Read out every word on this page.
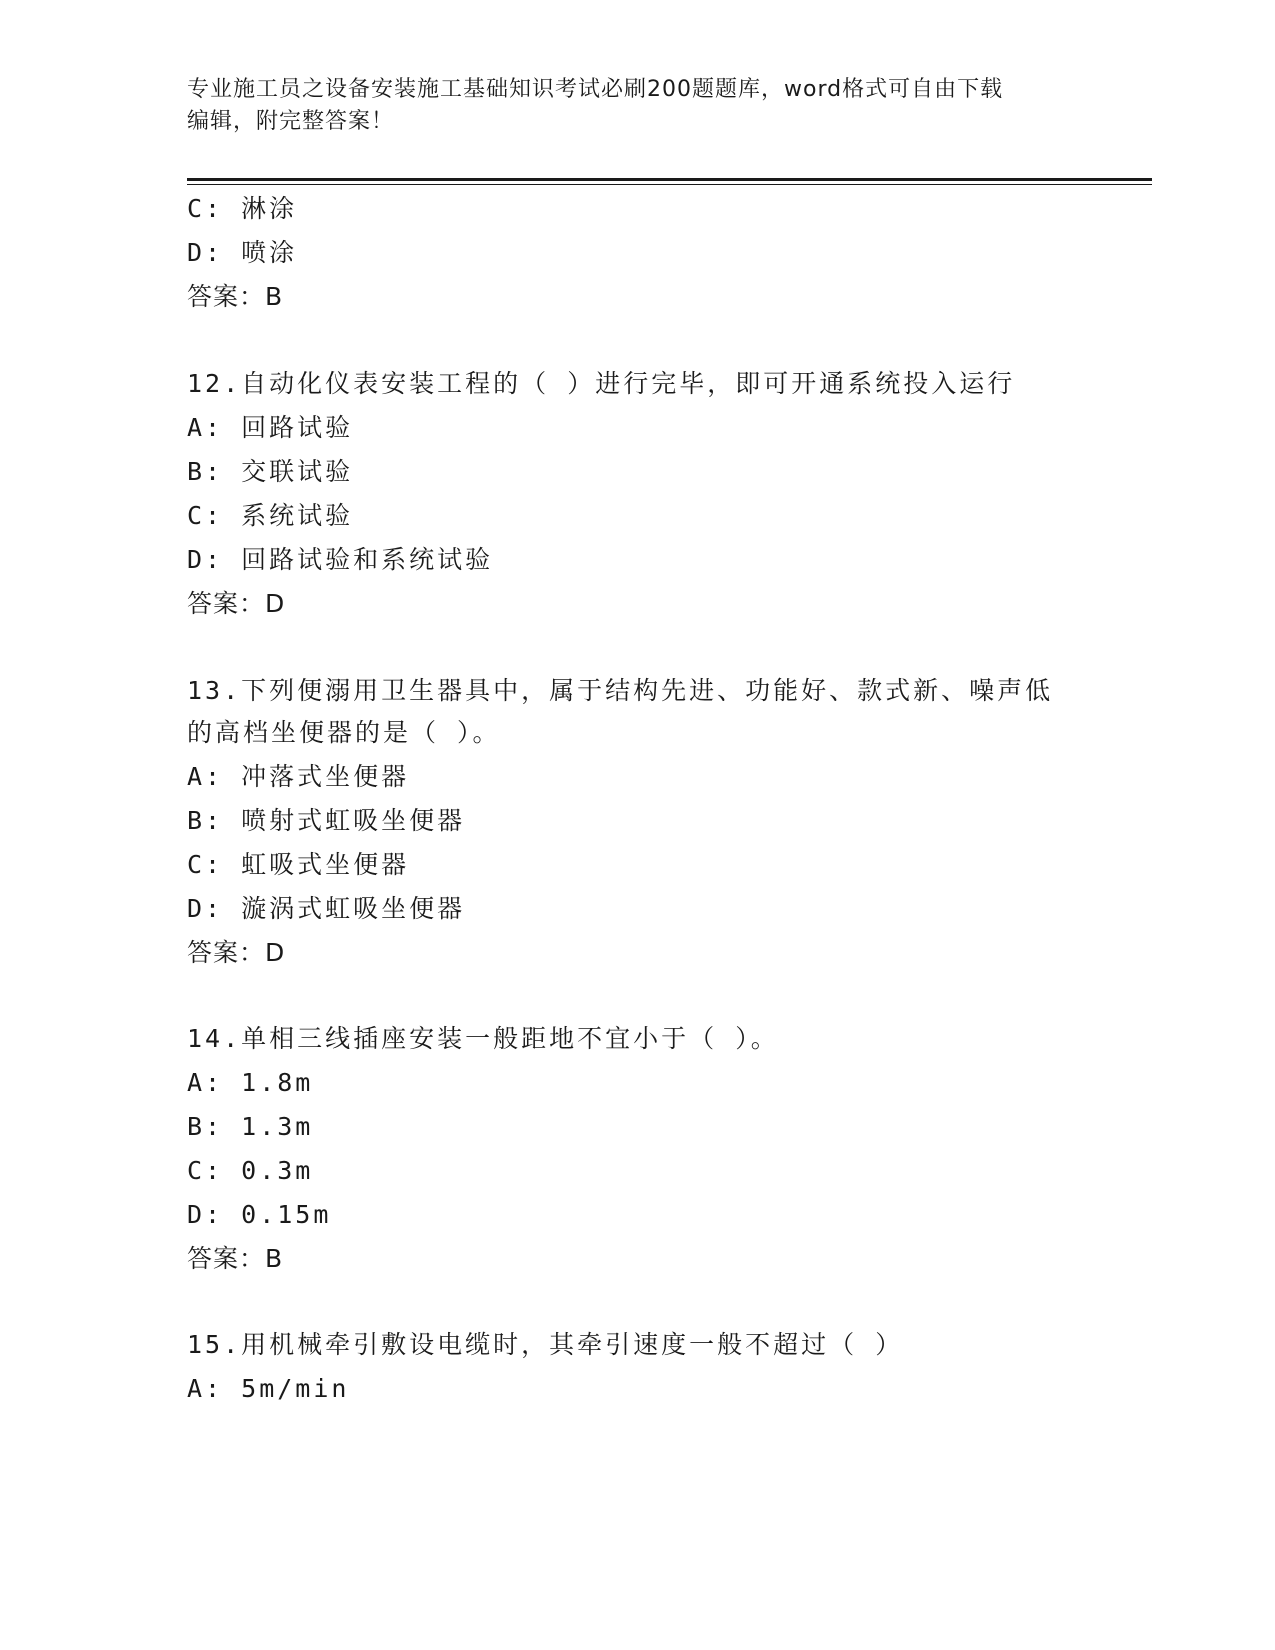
专业施工员之设备安装施工基础知识考试必刷200题题库，word格式可自由下载
编辑，附完整答案！
C: 淋涂
D: 喷涂
答案：B
12.自动化仪表安装工程的（ ）进行完毕，即可开通系统投入运行
A: 回路试验
B: 交联试验
C: 系统试验
D: 回路试验和系统试验
答案：D
13.下列便溺用卫生器具中，属于结构先进、功能好、款式新、噪声低
的高档坐便器的是（ ）。
A: 冲落式坐便器
B: 喷射式虹吸坐便器
C: 虹吸式坐便器
D: 漩涡式虹吸坐便器
答案：D
14.单相三线插座安装一般距地不宜小于（ ）。
A: 1.8m
B: 1.3m
C: 0.3m
D: 0.15m
答案：B
15.用机械牵引敷设电缆时，其牵引速度一般不超过（ ）
A: 5m/min
